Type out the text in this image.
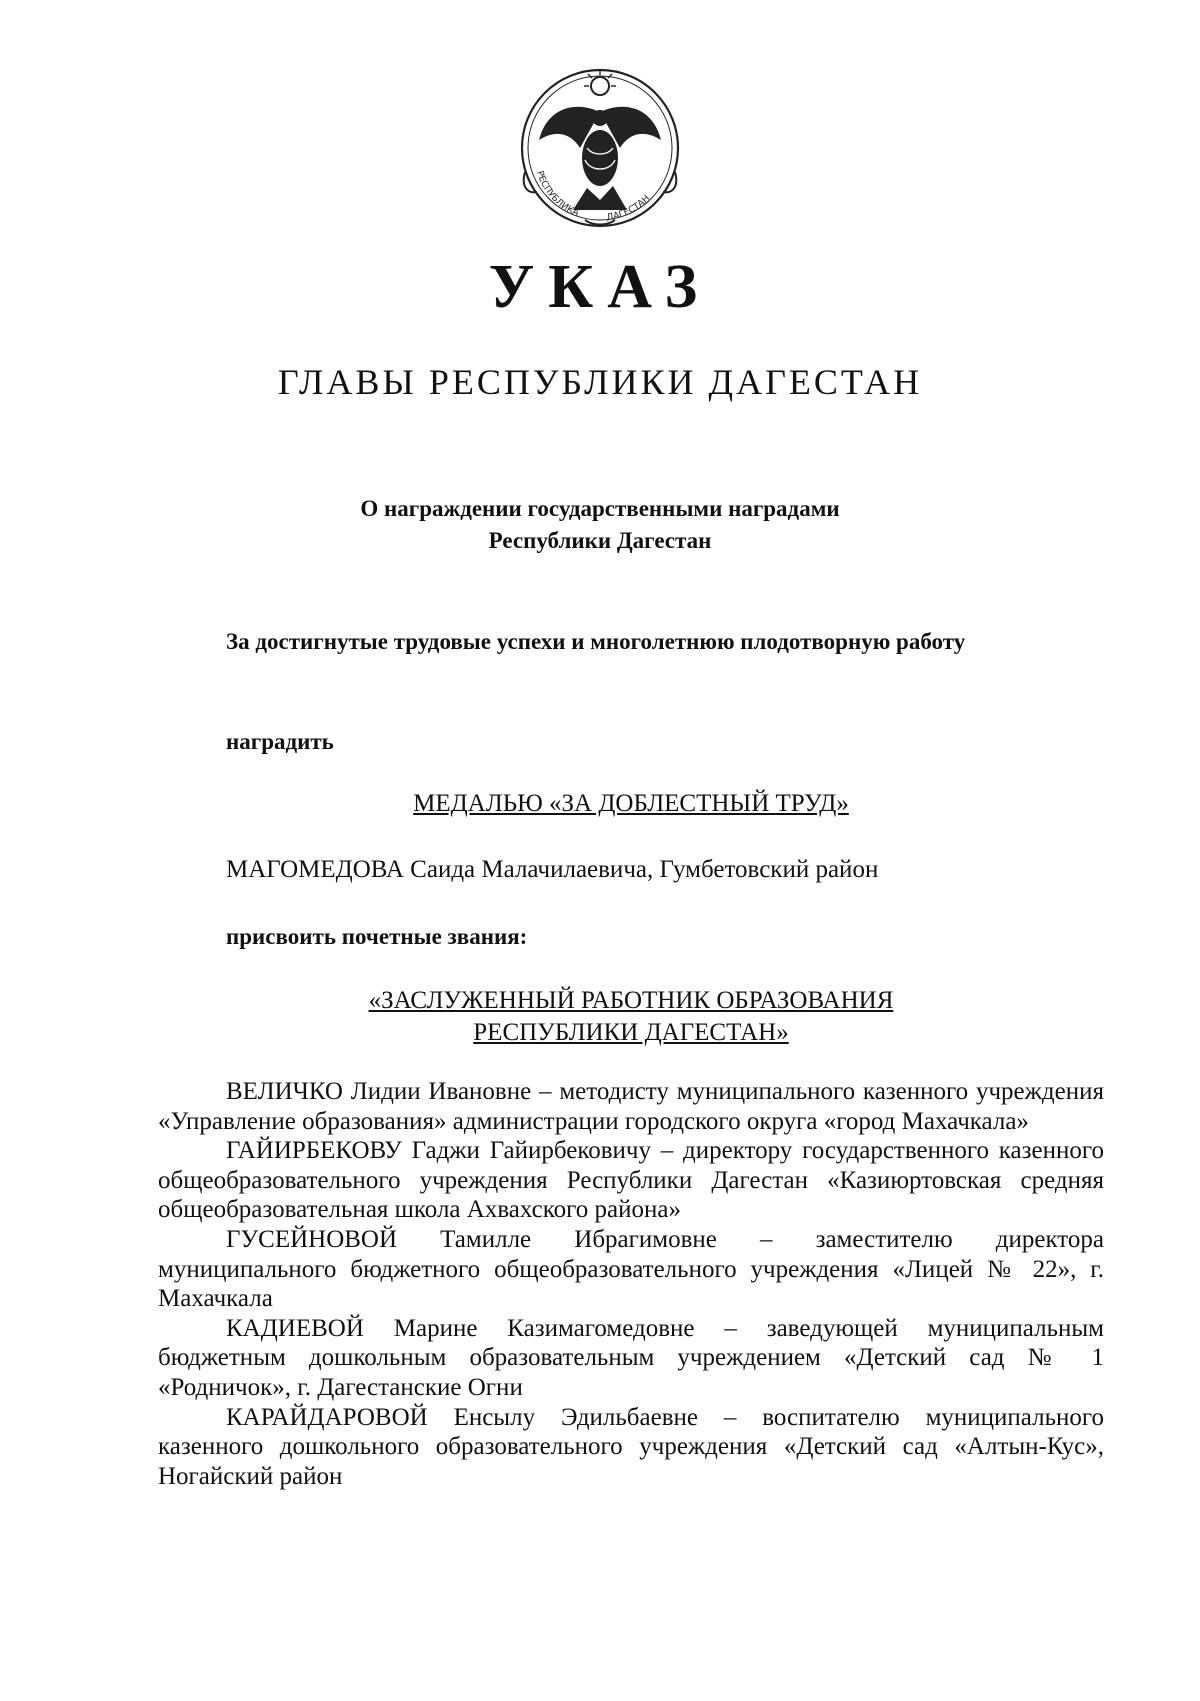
РЕСПУБЛИКА	ДАГЕСТАН
УКАЗ
ГЛАВЫ РЕСПУБЛИКИ ДАГЕСТАН
О награждении государственными наградами
Республики Дагестан
За достигнутые трудовые успехи и многолетнюю плодотворную работу
наградить
МЕДАЛЬЮ «ЗА ДОБЛЕСТНЫЙ ТРУД»
МАГОМЕДОВА Саида Малачилаевича, Гумбетовский район
присвоить почетные звания:
«ЗАСЛУЖЕННЫЙ РАБОТНИК ОБРАЗОВАНИЯ
РЕСПУБЛИКИ ДАГЕСТАН»

ВЕЛИЧКО Лидии Ивановне – методисту муниципального казенного учреждения «Управление образования» администрации городского округа «город Махачкала»

ГАЙИРБЕКОВУ Гаджи Гайирбековичу – директору государственного казенного общеобразовательного учреждения Республики Дагестан «Казиюртовская средняя общеобразовательная школа Ахвахского района»

ГУСЕЙНОВОЙ Тамилле Ибрагимовне – заместителю директора муниципального бюджетного общеобразовательного учреждения «Лицей № 22», г. Махачкала

КАДИЕВОЙ Марине Казимагомедовне – заведующей муниципальным бюджетным дошкольным образовательным учреждением «Детский сад № 1 «Родничок», г. Дагестанские Огни

КАРАЙДАРОВОЙ Енсылу Эдильбаевне – воспитателю муниципального казенного дошкольного образовательного учреждения «Детский сад «Алтын-Кус», Ногайский район
